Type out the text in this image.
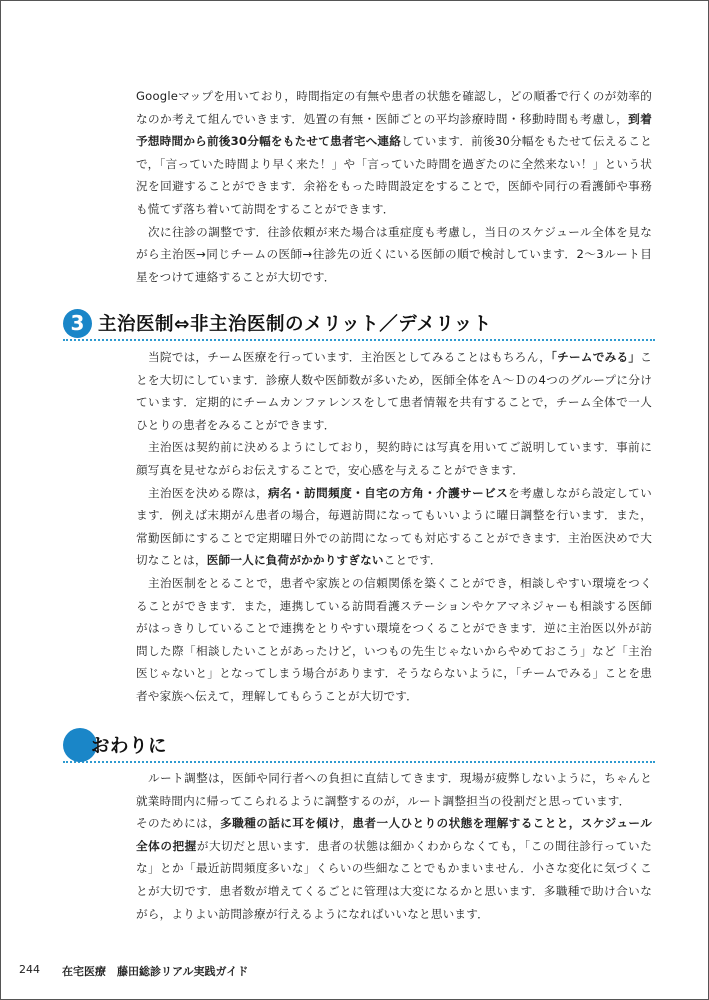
Googleマップを用いており，時間指定の有無や患者の状態を確認し，どの順番で行くのが効率的なのか考えて組んでいきます．処置の有無・医師ごとの平均診療時間・移動時間も考慮し，到着予想時間から前後30分幅をもたせて患者宅へ連絡しています．前後30分幅をもたせて伝えることで，「言っていた時間より早く来た！」や「言っていた時間を過ぎたのに全然来ない！」という状況を回避することができます．余裕をもった時間設定をすることで，医師や同行の看護師や事務も慌てず落ち着いて訪問をすることができます．

次に往診の調整です．往診依頼が来た場合は重症度も考慮し，当日のスケジュール全体を見ながら主治医→同じチームの医師→往診先の近くにいる医師の順で検討しています．2～3ルート目星をつけて連絡することが大切です．

3 主治医制⇔非主治医制のメリット／デメリット

当院では，チーム医療を行っています．主治医としてみることはもちろん，「チームでみる」ことを大切にしています．診療人数や医師数が多いため，医師全体をＡ～Ｄの4つのグループに分けています．定期的にチームカンファレンスをして患者情報を共有することで，チーム全体で一人ひとりの患者をみることができます．

主治医は契約前に決めるようにしており，契約時には写真を用いてご説明しています．事前に顔写真を見せながらお伝えすることで，安心感を与えることができます．

主治医を決める際は，病名・訪問頻度・自宅の方角・介護サービスを考慮しながら設定しています．例えば末期がん患者の場合，毎週訪問になってもいいように曜日調整を行います．また，常勤医師にすることで定期曜日外での訪問になっても対応することができます．主治医決めで大切なことは，医師一人に負荷がかかりすぎないことです．

主治医制をとることで，患者や家族との信頼関係を築くことができ，相談しやすい環境をつくることができます．また，連携している訪問看護ステーションやケアマネジャーも相談する医師がはっきりしていることで連携をとりやすい環境をつくることができます．逆に主治医以外が訪問した際「相談したいことがあったけど，いつもの先生じゃないからやめておこう」など「主治医じゃないと」となってしまう場合があります．そうならないように，「チームでみる」ことを患者や家族へ伝えて，理解してもらうことが大切です．

おわりに

ルート調整は，医師や同行者への負担に直結してきます．現場が疲弊しないように，ちゃんと就業時間内に帰ってこられるように調整するのが，ルート調整担当の役割だと思っています．

そのためには，多職種の話に耳を傾け，患者一人ひとりの状態を理解することと，スケジュール全体の把握が大切だと思います．患者の状態は細かくわからなくても，「この間往診行っていたな」とか「最近訪問頻度多いな」くらいの些細なことでもかまいません．小さな変化に気づくことが大切です．患者数が増えてくるごとに管理は大変になるかと思います．多職種で助け合いながら，よりよい訪問診療が行えるようになればいいなと思います．

244 在宅医療　藤田総診リアル実践ガイド
